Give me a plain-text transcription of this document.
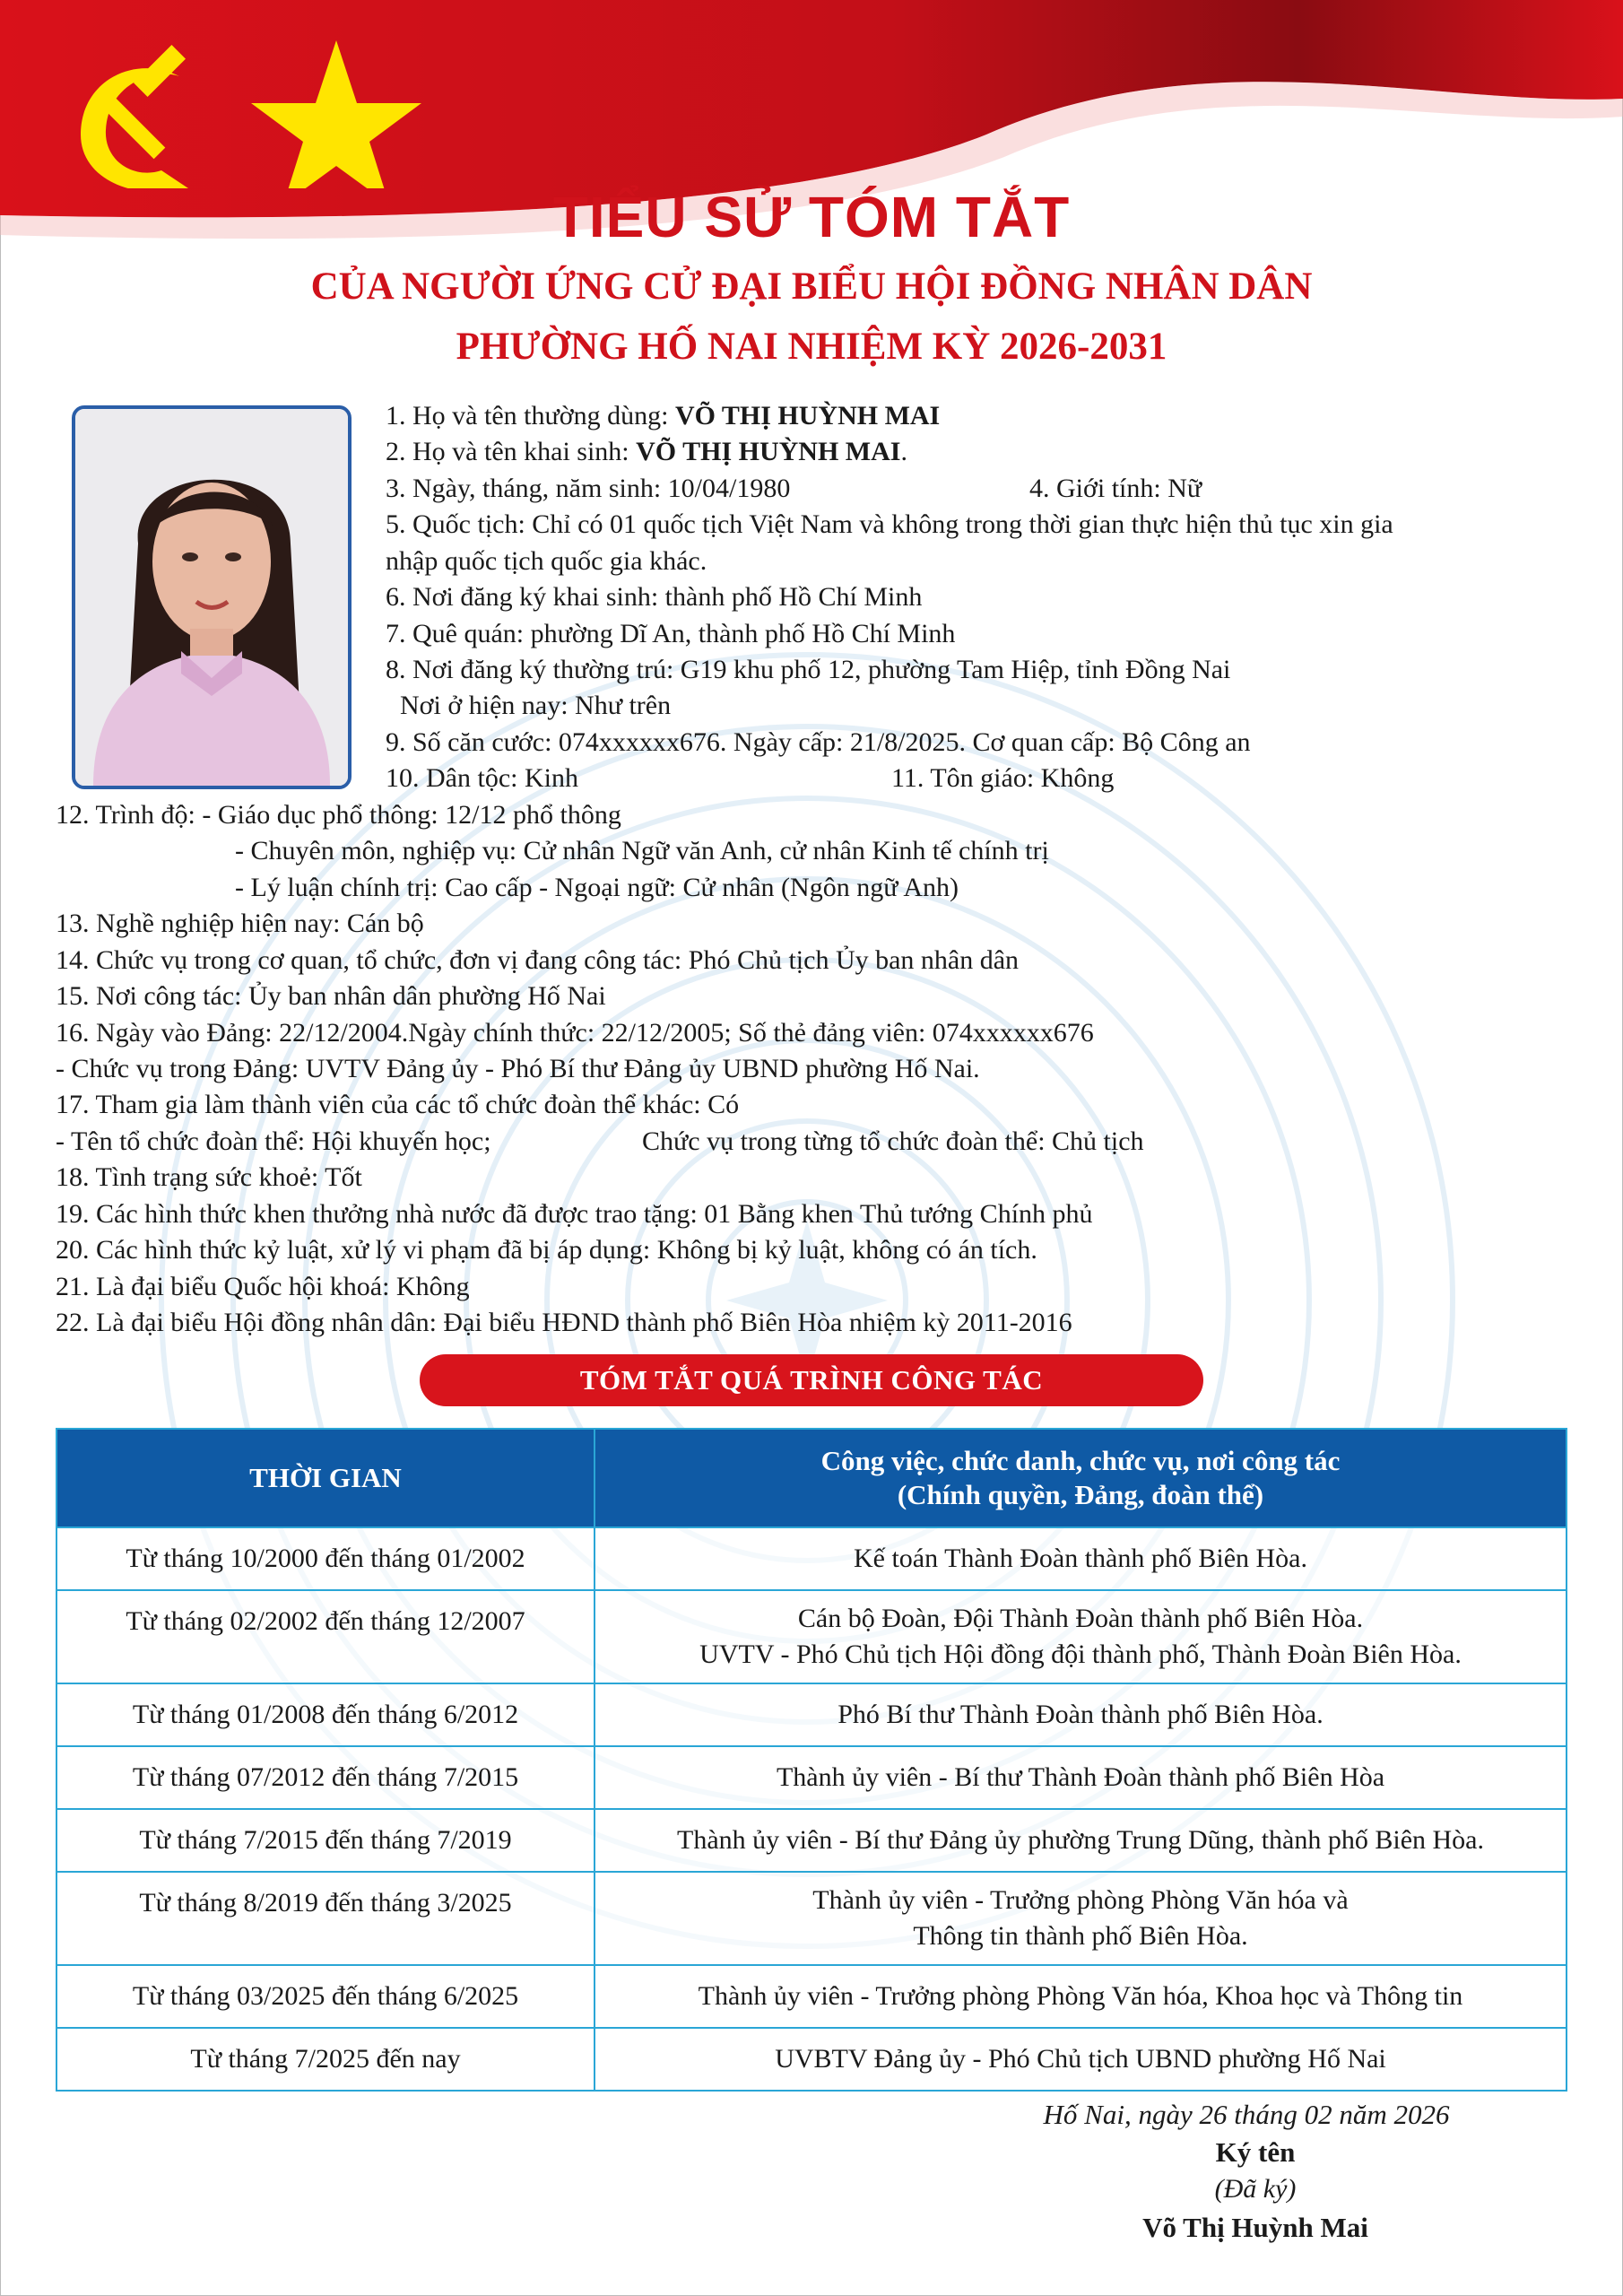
TIỂU SỬ TÓM TẮT
CỦA NGƯỜI ỨNG CỬ ĐẠI BIỂU HỘI ĐỒNG NHÂN DÂN
PHƯỜNG HỐ NAI NHIỆM KỲ 2026-2031
1. Họ và tên thường dùng: VÕ THỊ HUỲNH MAI
2. Họ và tên khai sinh: VÕ THỊ HUỲNH MAI.
3. Ngày, tháng, năm sinh: 10/04/1980	4. Giới tính: Nữ
5. Quốc tịch: Chỉ có 01 quốc tịch Việt Nam và không trong thời gian thực hiện thủ tục xin gia
nhập quốc tịch quốc gia khác.
6. Nơi đăng ký khai sinh: thành phố Hồ Chí Minh
7. Quê quán: phường Dĩ An, thành phố Hồ Chí Minh
8. Nơi đăng ký thường trú: G19 khu phố 12, phường Tam Hiệp, tỉnh Đồng Nai
Nơi ở hiện nay: Như trên
9. Số căn cước: 074xxxxxx676. Ngày cấp: 21/8/2025. Cơ quan cấp: Bộ Công an
10. Dân tộc: Kinh	11. Tôn giáo: Không
12. Trình độ: - Giáo dục phổ thông: 12/12 phổ thông
- Chuyên môn, nghiệp vụ: Cử nhân Ngữ văn Anh, cử nhân Kinh tế chính trị
- Lý luận chính trị: Cao cấp - Ngoại ngữ: Cử nhân (Ngôn ngữ Anh)
13. Nghề nghiệp hiện nay: Cán bộ
14. Chức vụ trong cơ quan, tổ chức, đơn vị đang công tác: Phó Chủ tịch Ủy ban nhân dân
15. Nơi công tác: Ủy ban nhân dân phường Hố Nai
16. Ngày vào Đảng: 22/12/2004.Ngày chính thức: 22/12/2005; Số thẻ đảng viên: 074xxxxxx676
- Chức vụ trong Đảng: UVTV Đảng ủy - Phó Bí thư Đảng ủy UBND phường Hố Nai.
17. Tham gia làm thành viên của các tổ chức đoàn thể khác: Có
- Tên tổ chức đoàn thể: Hội khuyến học;	Chức vụ trong từng tổ chức đoàn thể: Chủ tịch
18. Tình trạng sức khoẻ: Tốt
19. Các hình thức khen thưởng nhà nước đã được trao tặng: 01 Bằng khen Thủ tướng Chính phủ
20. Các hình thức kỷ luật, xử lý vi phạm đã bị áp dụng: Không bị kỷ luật, không có án tích.
21. Là đại biểu Quốc hội khoá: Không
22. Là đại biểu Hội đồng nhân dân: Đại biểu HĐND thành phố Biên Hòa nhiệm kỳ 2011-2016
TÓM TẮT QUÁ TRÌNH CÔNG TÁC
THỜI GIAN	Công việc, chức danh, chức vụ, nơi công tác
(Chính quyền, Đảng, đoàn thể)
Từ tháng 10/2000 đến tháng 01/2002	Kế toán Thành Đoàn thành phố Biên Hòa.
Từ tháng 02/2002 đến tháng 12/2007	Cán bộ Đoàn, Đội Thành Đoàn thành phố Biên Hòa.
UVTV - Phó Chủ tịch Hội đồng đội thành phố, Thành Đoàn Biên Hòa.
Từ tháng 01/2008 đến tháng 6/2012	Phó Bí thư Thành Đoàn thành phố Biên Hòa.
Từ tháng 07/2012 đến tháng 7/2015	Thành ủy viên - Bí thư Thành Đoàn thành phố Biên Hòa
Từ tháng 7/2015 đến tháng 7/2019	Thành ủy viên - Bí thư Đảng ủy phường Trung Dũng, thành phố Biên Hòa.
Từ tháng 8/2019 đến tháng 3/2025	Thành ủy viên - Trưởng phòng Phòng Văn hóa và
Thông tin thành phố Biên Hòa.
Từ tháng 03/2025 đến tháng 6/2025	Thành ủy viên - Trưởng phòng Phòng Văn hóa, Khoa học và Thông tin
Từ tháng 7/2025 đến nay	UVBTV Đảng ủy - Phó Chủ tịch UBND phường Hố Nai
Hố Nai, ngày 26 tháng 02 năm 2026
Ký tên
(Đã ký)
Võ Thị Huỳnh Mai
